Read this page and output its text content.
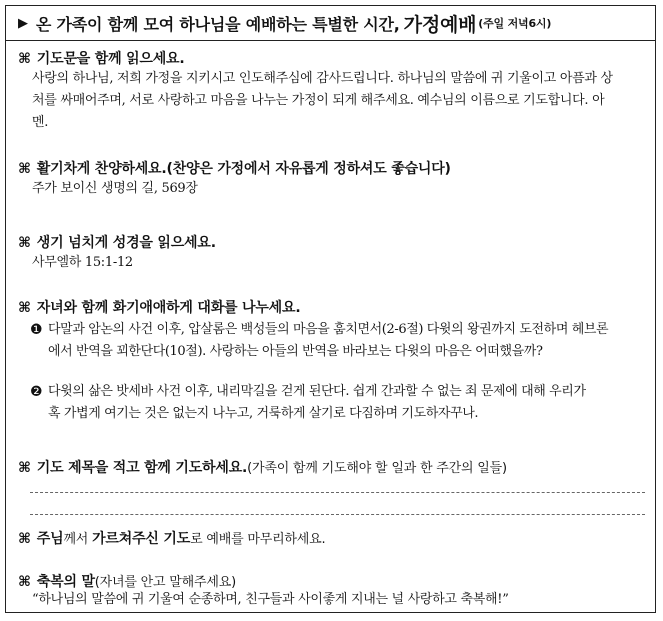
▶ 온 가족이 함께 모여 하나님을 예배하는 특별한 시간, 가정예배 (주일 저녁6시)
⌘ 기도문을 함께 읽으세요.
사랑의 하나님, 저희 가정을 지키시고 인도해주심에 감사드립니다. 하나님의 말씀에 귀 기울이고 아픔과 상
처를 싸매어주며, 서로 사랑하고 마음을 나누는 가정이 되게 해주세요. 예수님의 이름으로 기도합니다. 아
멘.
⌘ 활기차게 찬양하세요.(찬양은 가정에서 자유롭게 정하셔도 좋습니다)
주가 보이신 생명의 길, 569장
⌘ 생기 넘치게 성경을 읽으세요.
사무엘하 15:1-12
⌘ 자녀와 함께 화기애애하게 대화를 나누세요.
❶ 다말과 암논의 사건 이후, 압살롬은 백성들의 마음을 훔치면서(2-6절) 다윗의 왕권까지 도전하며 헤브론
에서 반역을 꾀한단다(10절). 사랑하는 아들의 반역을 바라보는 다윗의 마음은 어떠했을까?
❷ 다윗의 삶은 밧세바 사건 이후, 내리막길을 걷게 된단다. 쉽게 간과할 수 없는 죄 문제에 대해 우리가
혹 가볍게 여기는 것은 없는지 나누고, 거룩하게 살기로 다짐하며 기도하자꾸나.
⌘ 기도 제목을 적고 함께 기도하세요.(가족이 함께 기도해야 할 일과 한 주간의 일들)
⌘ 주님께서 가르쳐주신 기도로 예배를 마무리하세요.
⌘ 축복의 말(자녀를 안고 말해주세요)
“하나님의 말씀에 귀 기울여 순종하며, 친구들과 사이좋게 지내는 널 사랑하고 축복해!”
